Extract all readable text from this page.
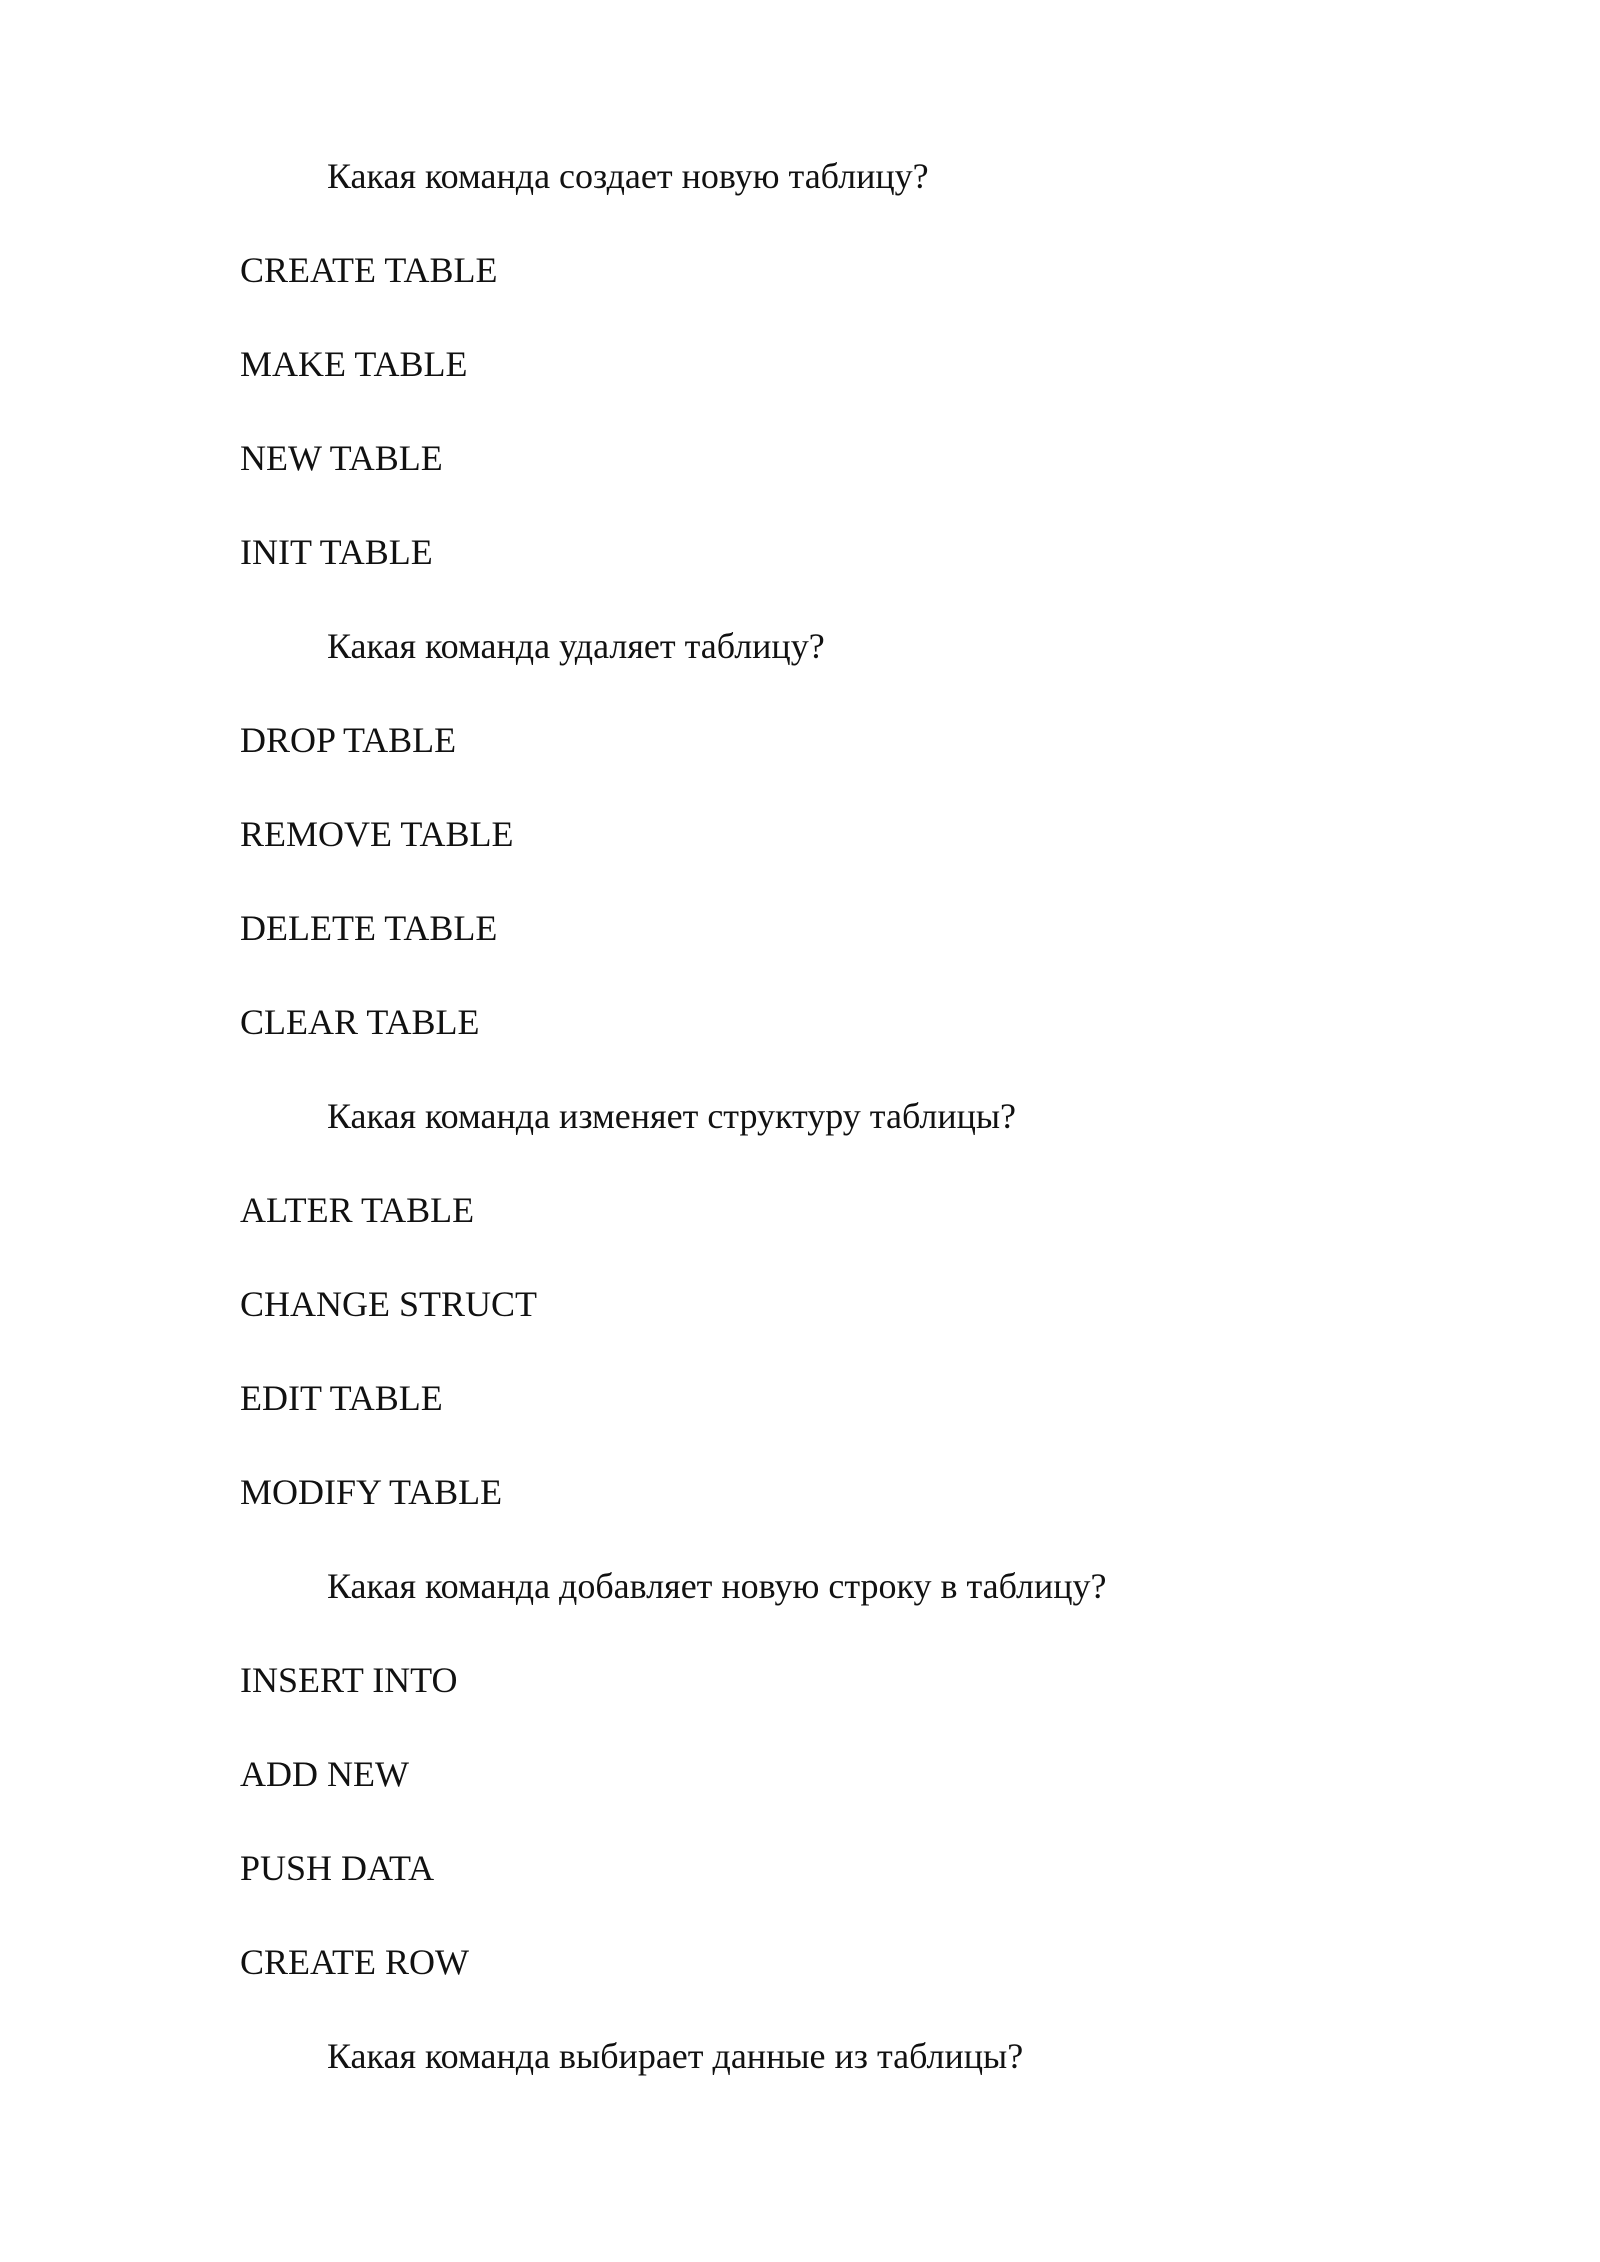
Какая команда создает новую таблицу?
CREATE TABLE
MAKE TABLE
NEW TABLE
INIT TABLE
Какая команда удаляет таблицу?
DROP TABLE
REMOVE TABLE
DELETE TABLE
CLEAR TABLE
Какая команда изменяет структуру таблицы?
ALTER TABLE
CHANGE STRUCT
EDIT TABLE
MODIFY TABLE
Какая команда добавляет новую строку в таблицу?
INSERT INTO
ADD NEW
PUSH DATA
CREATE ROW
Какая команда выбирает данные из таблицы?
